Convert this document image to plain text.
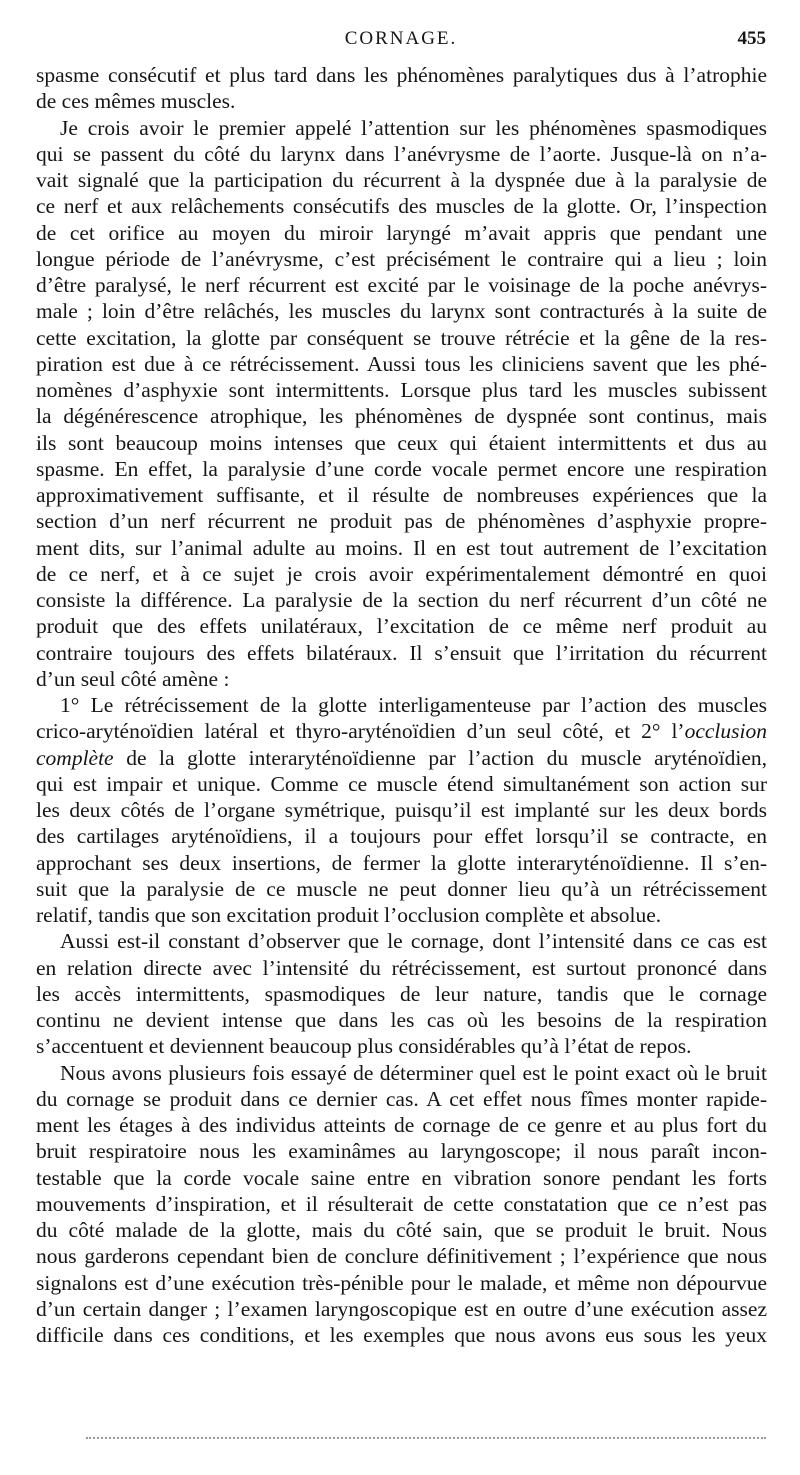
CORNAGE.	455
spasme consécutif et plus tard dans les phénomènes paralytiques dus à l’atrophie
de ces mêmes muscles.
Je crois avoir le premier appelé l’attention sur les phénomènes spasmodiques
qui se passent du côté du larynx dans l’anévrysme de l’aorte. Jusque-là on n’a-
vait signalé que la participation du récurrent à la dyspnée due à la paralysie de
ce nerf et aux relâchements consécutifs des muscles de la glotte. Or, l’inspection
de cet orifice au moyen du miroir laryngé m’avait appris que pendant une
longue période de l’anévrysme, c’est précisément le contraire qui a lieu ; loin
d’être paralysé, le nerf récurrent est excité par le voisinage de la poche anévrys-
male ; loin d’être relâchés, les muscles du larynx sont contracturés à la suite de
cette excitation, la glotte par conséquent se trouve rétrécie et la gêne de la res-
piration est due à ce rétrécissement. Aussi tous les cliniciens savent que les phé-
nomènes d’asphyxie sont intermittents. Lorsque plus tard les muscles subissent
la dégénérescence atrophique, les phénomènes de dyspnée sont continus, mais
ils sont beaucoup moins intenses que ceux qui étaient intermittents et dus au
spasme. En effet, la paralysie d’une corde vocale permet encore une respiration
approximativement suffisante, et il résulte de nombreuses expériences que la
section d’un nerf récurrent ne produit pas de phénomènes d’asphyxie propre-
ment dits, sur l’animal adulte au moins. Il en est tout autrement de l’excitation
de ce nerf, et à ce sujet je crois avoir expérimentalement démontré en quoi
consiste la différence. La paralysie de la section du nerf récurrent d’un côté ne
produit que des effets unilatéraux, l’excitation de ce même nerf produit au
contraire toujours des effets bilatéraux. Il s’ensuit que l’irritation du récurrent
d’un seul côté amène :
1° Le rétrécissement de la glotte interligamenteuse par l’action des muscles
crico-aryténoïdien latéral et thyro-aryténoïdien d’un seul côté, et 2° l’occlusion
complète de la glotte interaryténoïdienne par l’action du muscle aryténoïdien,
qui est impair et unique. Comme ce muscle étend simultanément son action sur
les deux côtés de l’organe symétrique, puisqu’il est implanté sur les deux bords
des cartilages aryténoïdiens, il a toujours pour effet lorsqu’il se contracte, en
approchant ses deux insertions, de fermer la glotte interaryténoïdienne. Il s’en-
suit que la paralysie de ce muscle ne peut donner lieu qu’à un rétrécissement
relatif, tandis que son excitation produit l’occlusion complète et absolue.
Aussi est-il constant d’observer que le cornage, dont l’intensité dans ce cas est
en relation directe avec l’intensité du rétrécissement, est surtout prononcé dans
les accès intermittents, spasmodiques de leur nature, tandis que le cornage
continu ne devient intense que dans les cas où les besoins de la respiration
s’accentuent et deviennent beaucoup plus considérables qu’à l’état de repos.
Nous avons plusieurs fois essayé de déterminer quel est le point exact où le bruit
du cornage se produit dans ce dernier cas. A cet effet nous fîmes monter rapide-
ment les étages à des individus atteints de cornage de ce genre et au plus fort du
bruit respiratoire nous les examinâmes au laryngoscope; il nous paraît incon-
testable que la corde vocale saine entre en vibration sonore pendant les forts
mouvements d’inspiration, et il résulterait de cette constatation que ce n’est pas
du côté malade de la glotte, mais du côté sain, que se produit le bruit. Nous
nous garderons cependant bien de conclure définitivement ; l’expérience que nous
signalons est d’une exécution très-pénible pour le malade, et même non dépourvue
d’un certain danger ; l’examen laryngoscopique est en outre d’une exécution assez
difficile dans ces conditions, et les exemples que nous avons eus sous les yeux
